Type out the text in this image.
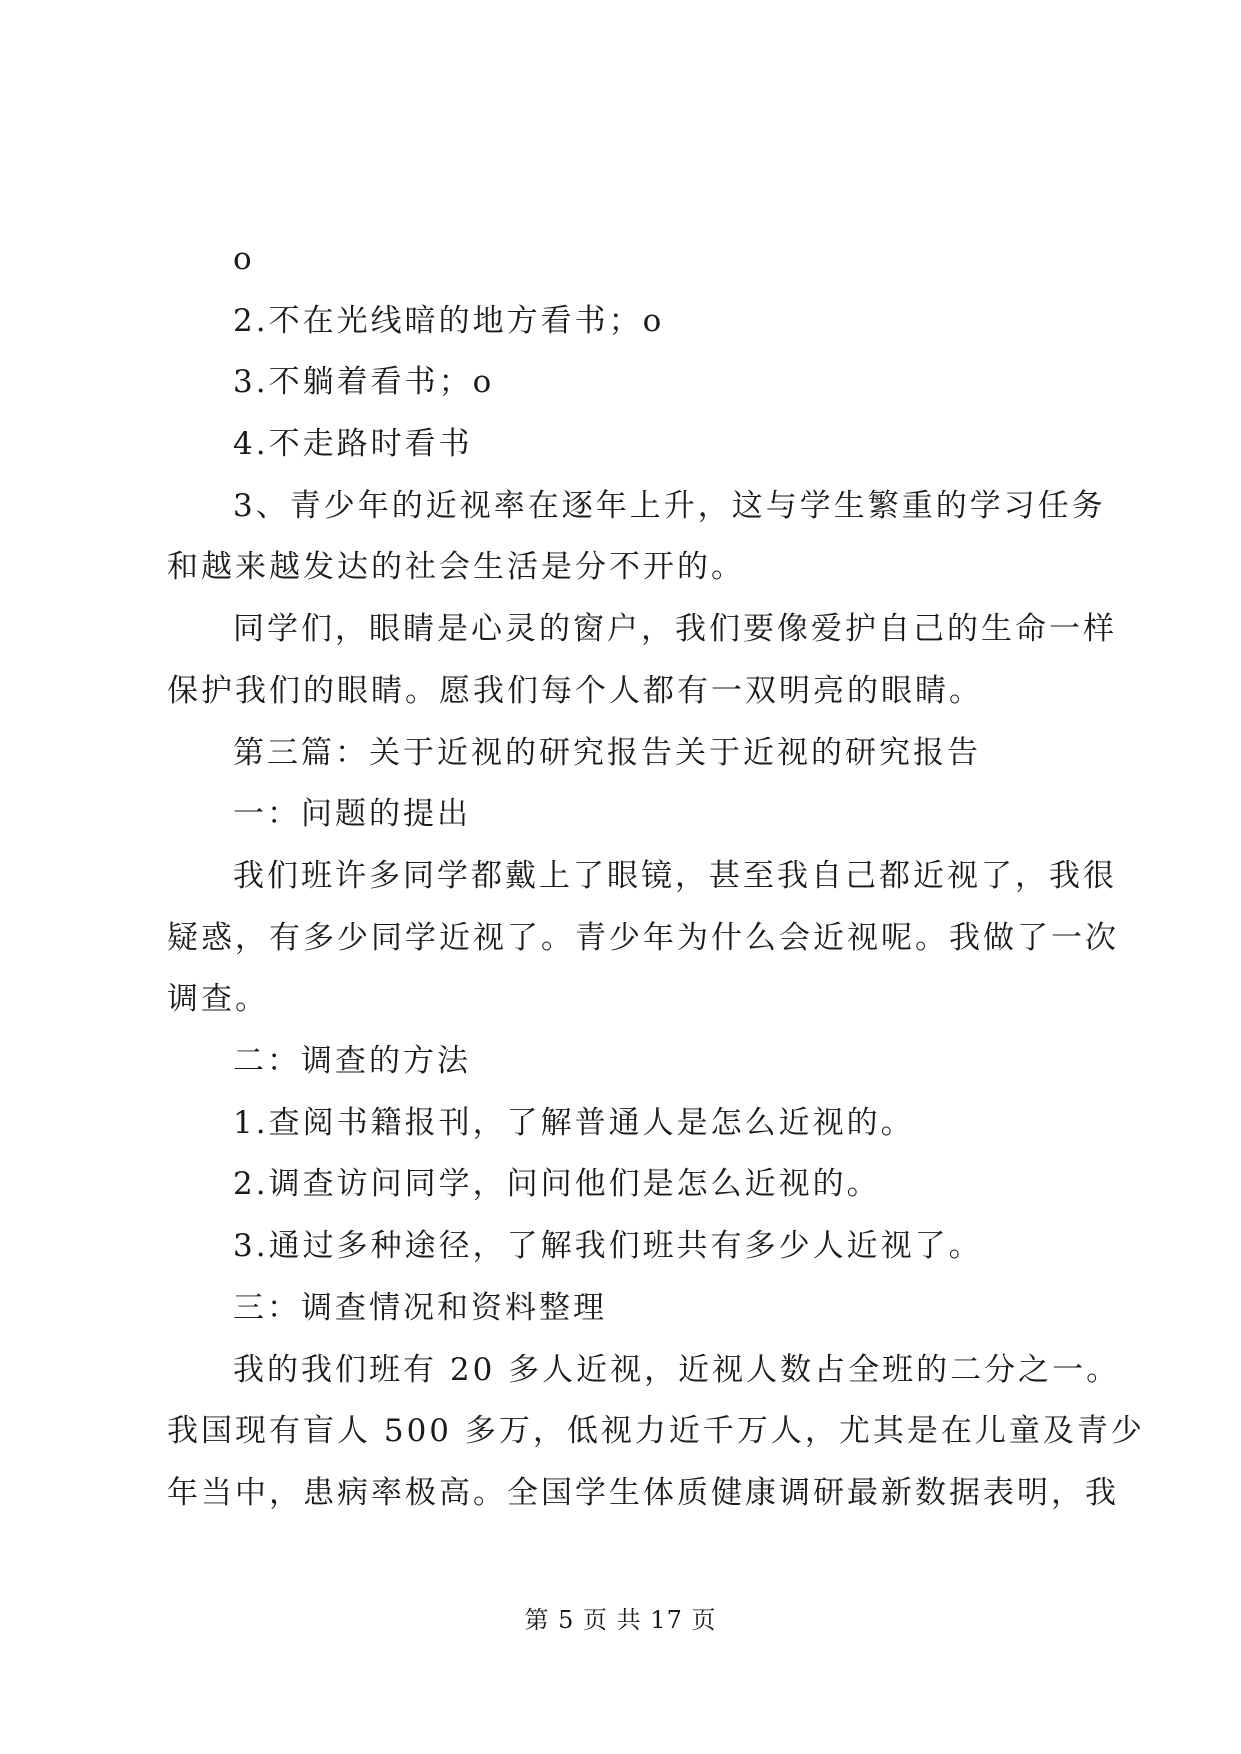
o
2.不在光线暗的地方看书；o
3.不躺着看书；o
4.不走路时看书
3、青少年的近视率在逐年上升，这与学生繁重的学习任务
和越来越发达的社会生活是分不开的。
同学们，眼睛是心灵的窗户，我们要像爱护自己的生命一样
保护我们的眼睛。愿我们每个人都有一双明亮的眼睛。
第三篇：关于近视的研究报告关于近视的研究报告
一：问题的提出
我们班许多同学都戴上了眼镜，甚至我自己都近视了，我很
疑惑，有多少同学近视了。青少年为什么会近视呢。我做了一次
调查。
二：调查的方法
1.查阅书籍报刊，了解普通人是怎么近视的。
2.调查访问同学，问问他们是怎么近视的。
3.通过多种途径，了解我们班共有多少人近视了。
三：调查情况和资料整理
我的我们班有 20 多人近视，近视人数占全班的二分之一。
我国现有盲人 500 多万，低视力近千万人，尤其是在儿童及青少
年当中，患病率极高。全国学生体质健康调研最新数据表明，我
第 5 页 共 17 页
